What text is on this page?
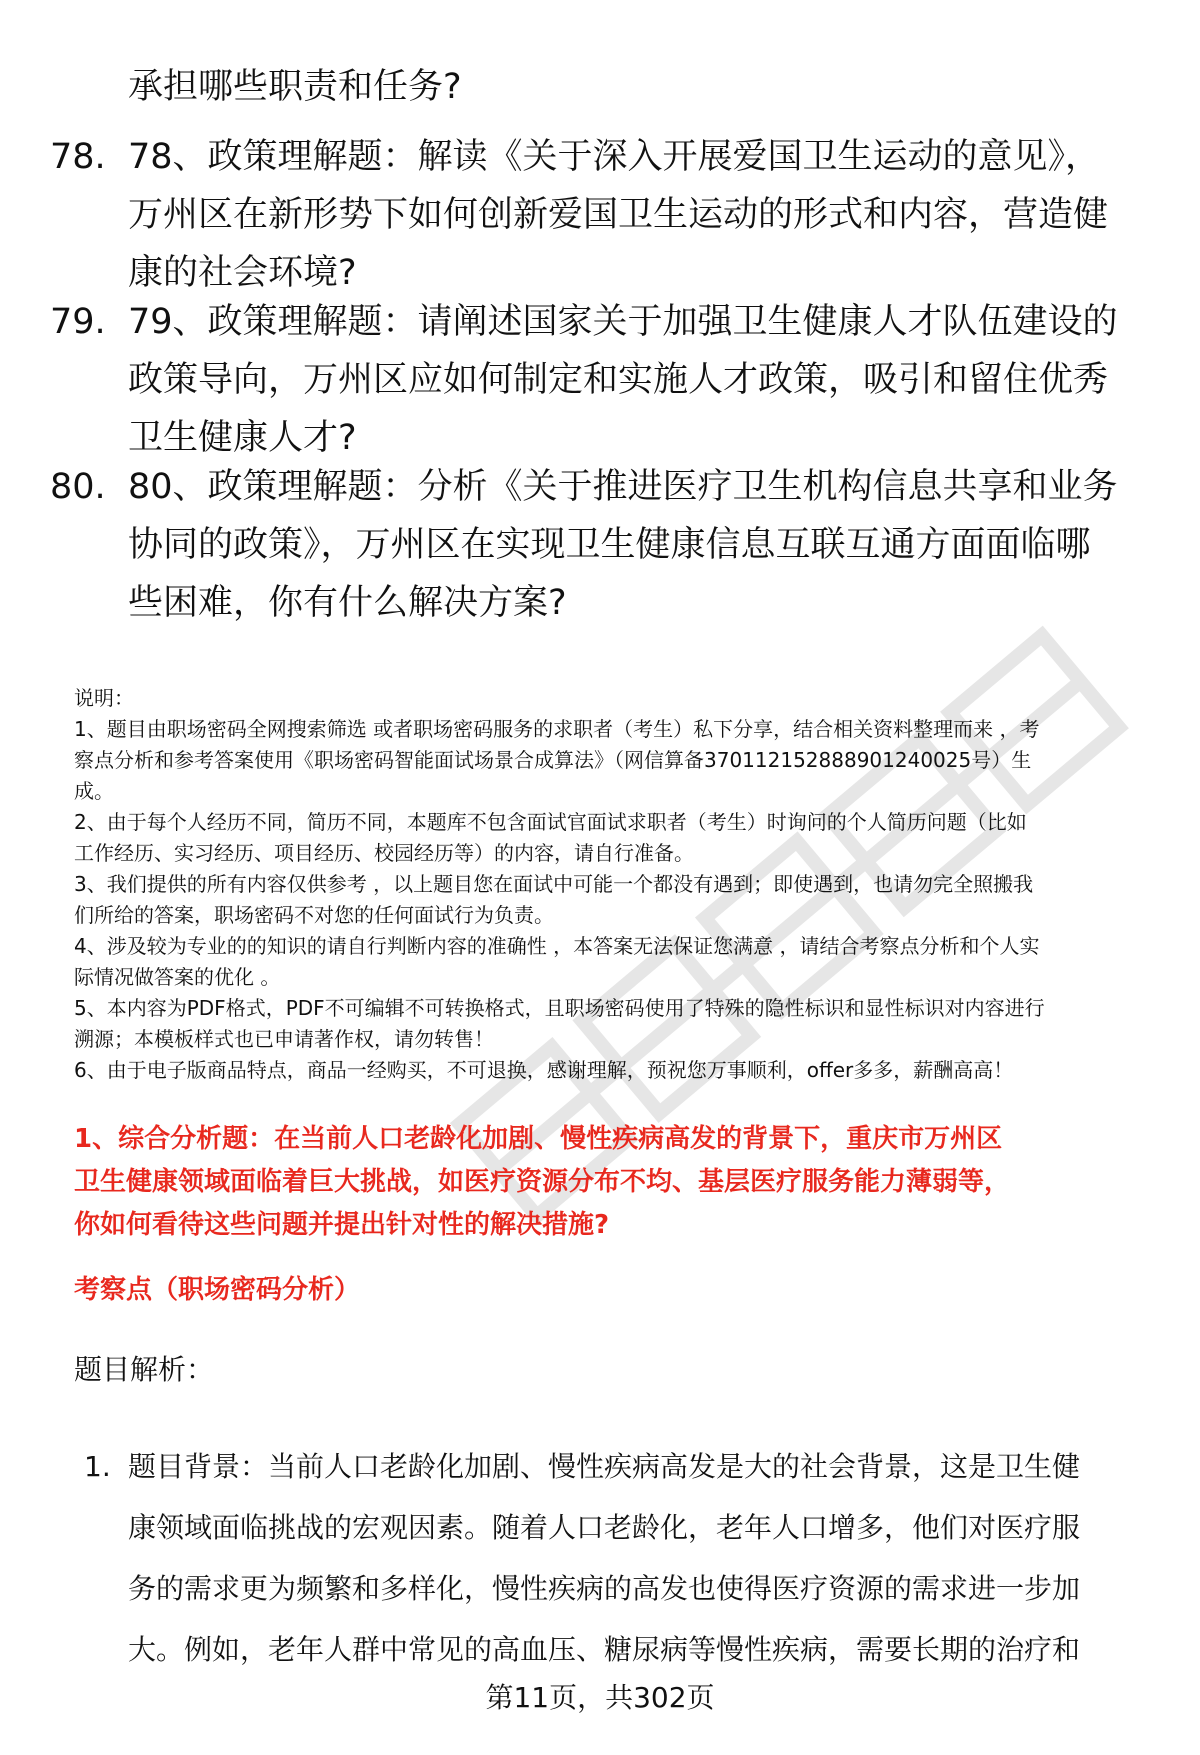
承担哪些职责和任务?
78. 78、政策理解题：解读《关于深入开展爱国卫生运动的意见》，
万州区在新形势下如何创新爱国卫生运动的形式和内容，营造健
康的社会环境?
79. 79、政策理解题：请阐述国家关于加强卫生健康人才队伍建设的
政策导向，万州区应如何制定和实施人才政策，吸引和留住优秀
卫生健康人才?
80. 80、政策理解题：分析《关于推进医疗卫生机构信息共享和业务
协同的政策》，万州区在实现卫生健康信息互联互通方面面临哪
些困难，你有什么解决方案?
说明：
1、题目由职场密码全网搜索筛选 或者职场密码服务的求职者（考生）私下分享，结合相关资料整理而来 ，考
察点分析和参考答案使用《职场密码智能面试场景合成算法》（网信算备370112152888901240025号）生
成。
2、由于每个人经历不同，简历不同，本题库不包含面试官面试求职者（考生）时询问的个人简历问题（比如
工作经历、实习经历、项目经历、校园经历等）的内容，请自行准备。
3、我们提供的所有内容仅供参考 ，以上题目您在面试中可能一个都没有遇到；即使遇到，也请勿完全照搬我
们所给的答案，职场密码不对您的任何面试行为负责。
4、涉及较为专业的的知识的请自行判断内容的准确性 ，本答案无法保证您满意 ，请结合考察点分析和个人实
际情况做答案的优化 。
5、本内容为PDF格式，PDF不可编辑不可转换格式，且职场密码使用了特殊的隐性标识和显性标识对内容进行
溯源；本模板样式也已申请著作权，请勿转售！
6、由于电子版商品特点，商品一经购买，不可退换，感谢理解，预祝您万事顺利，offer多多，薪酬高高！
1、综合分析题：在当前人口老龄化加剧、慢性疾病高发的背景下，重庆市万州区
卫生健康领域面临着巨大挑战，如医疗资源分布不均、基层医疗服务能力薄弱等，
你如何看待这些问题并提出针对性的解决措施?
考察点（职场密码分析）
题目解析：
1. 题目背景：当前人口老龄化加剧、慢性疾病高发是大的社会背景，这是卫生健
康领域面临挑战的宏观因素。随着人口老龄化，老年人口增多，他们对医疗服
务的需求更为频繁和多样化，慢性疾病的高发也使得医疗资源的需求进一步加
大。例如，老年人群中常见的高血压、糖尿病等慢性疾病，需要长期的治疗和
第11页，共302页
